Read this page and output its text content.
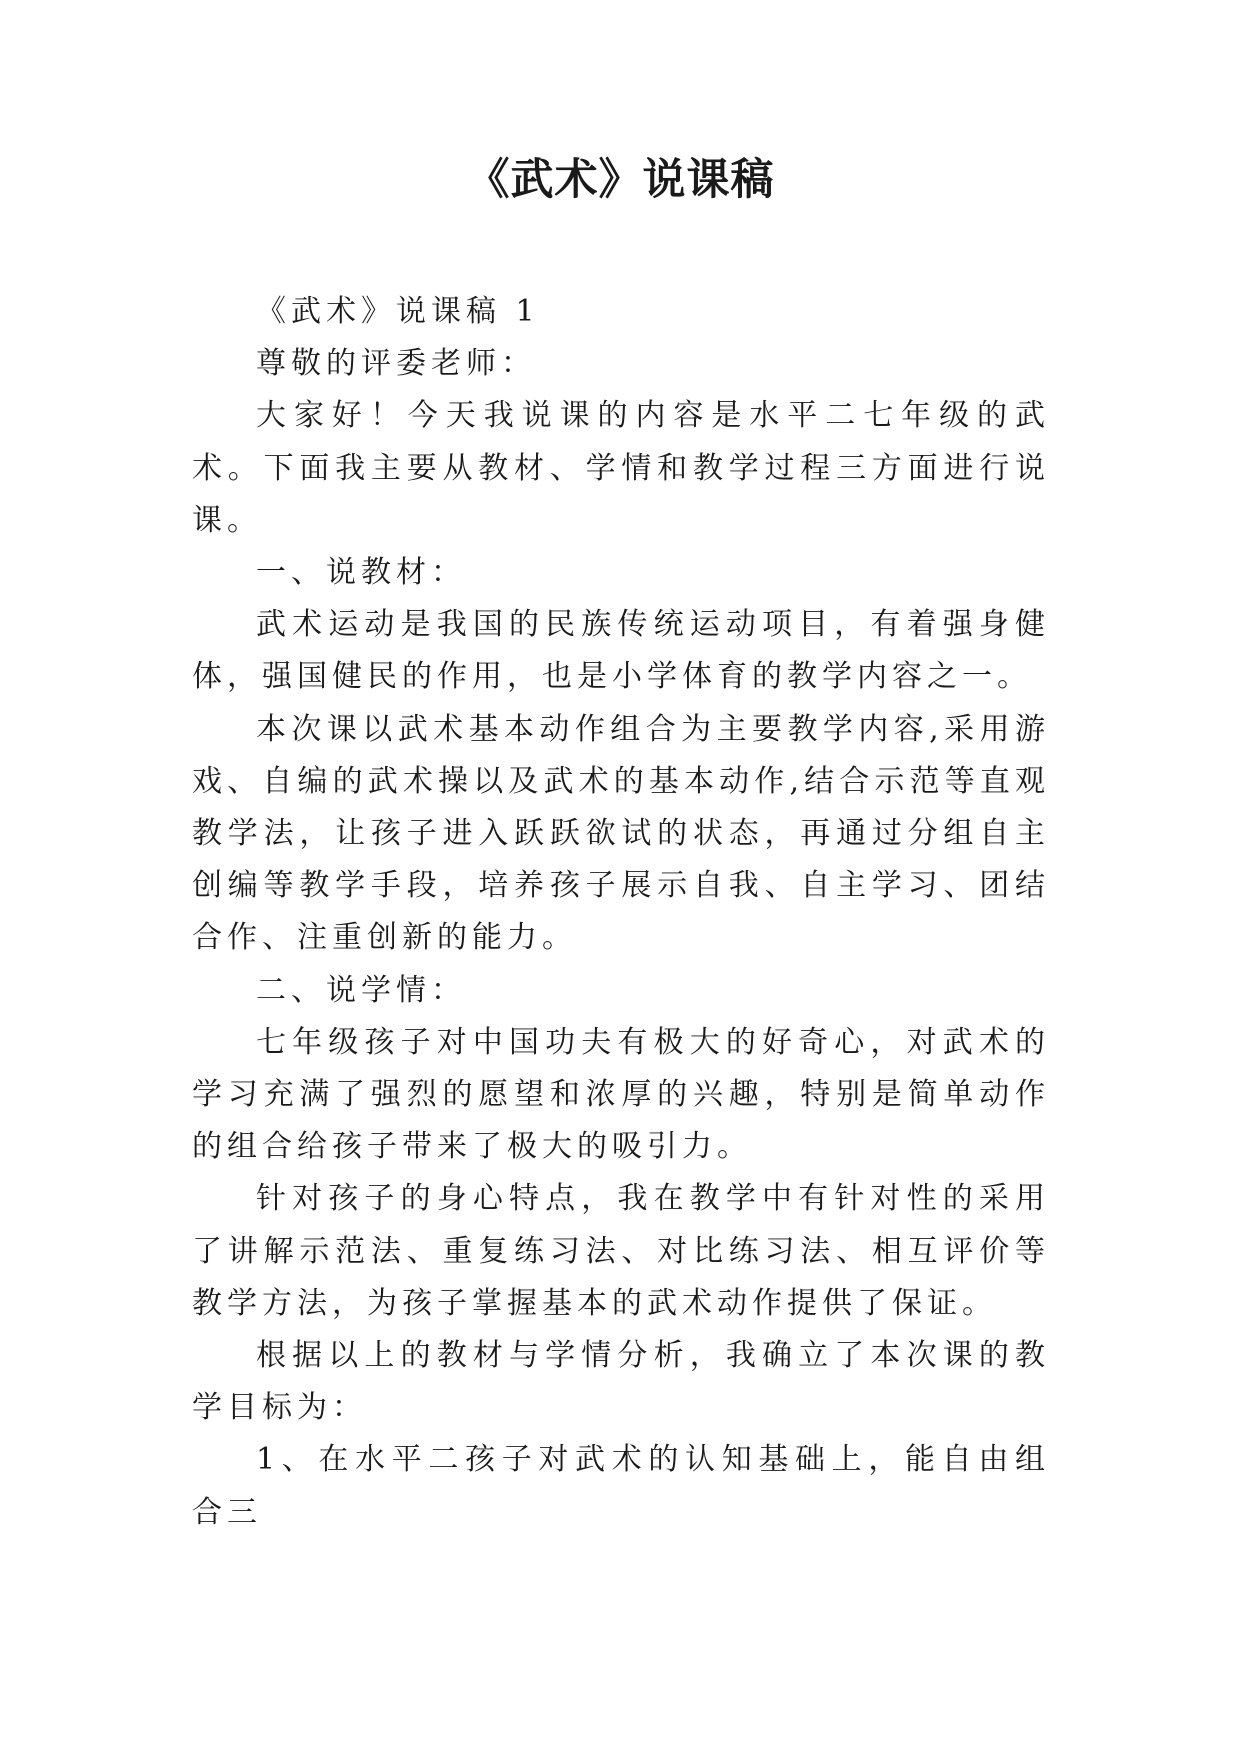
《武术》说课稿

《武术》说课稿 1

尊敬的评委老师：

大家好！今天我说课的内容是水平二七年级的武术。下面我主要从教材、学情和教学过程三方面进行说课。

一、说教材：

武术运动是我国的民族传统运动项目，有着强身健体，强国健民的作用，也是小学体育的教学内容之一。

本次课以武术基本动作组合为主要教学内容,采用游戏、自编的武术操以及武术的基本动作,结合示范等直观教学法，让孩子进入跃跃欲试的状态，再通过分组自主创编等教学手段，培养孩子展示自我、自主学习、团结合作、注重创新的能力。

二、说学情：

七年级孩子对中国功夫有极大的好奇心，对武术的学习充满了强烈的愿望和浓厚的兴趣，特别是简单动作的组合给孩子带来了极大的吸引力。

针对孩子的身心特点，我在教学中有针对性的采用了讲解示范法、重复练习法、对比练习法、相互评价等教学方法，为孩子掌握基本的武术动作提供了保证。

根据以上的教材与学情分析，我确立了本次课的教学目标为：

1、在水平二孩子对武术的认知基础上，能自由组合三
